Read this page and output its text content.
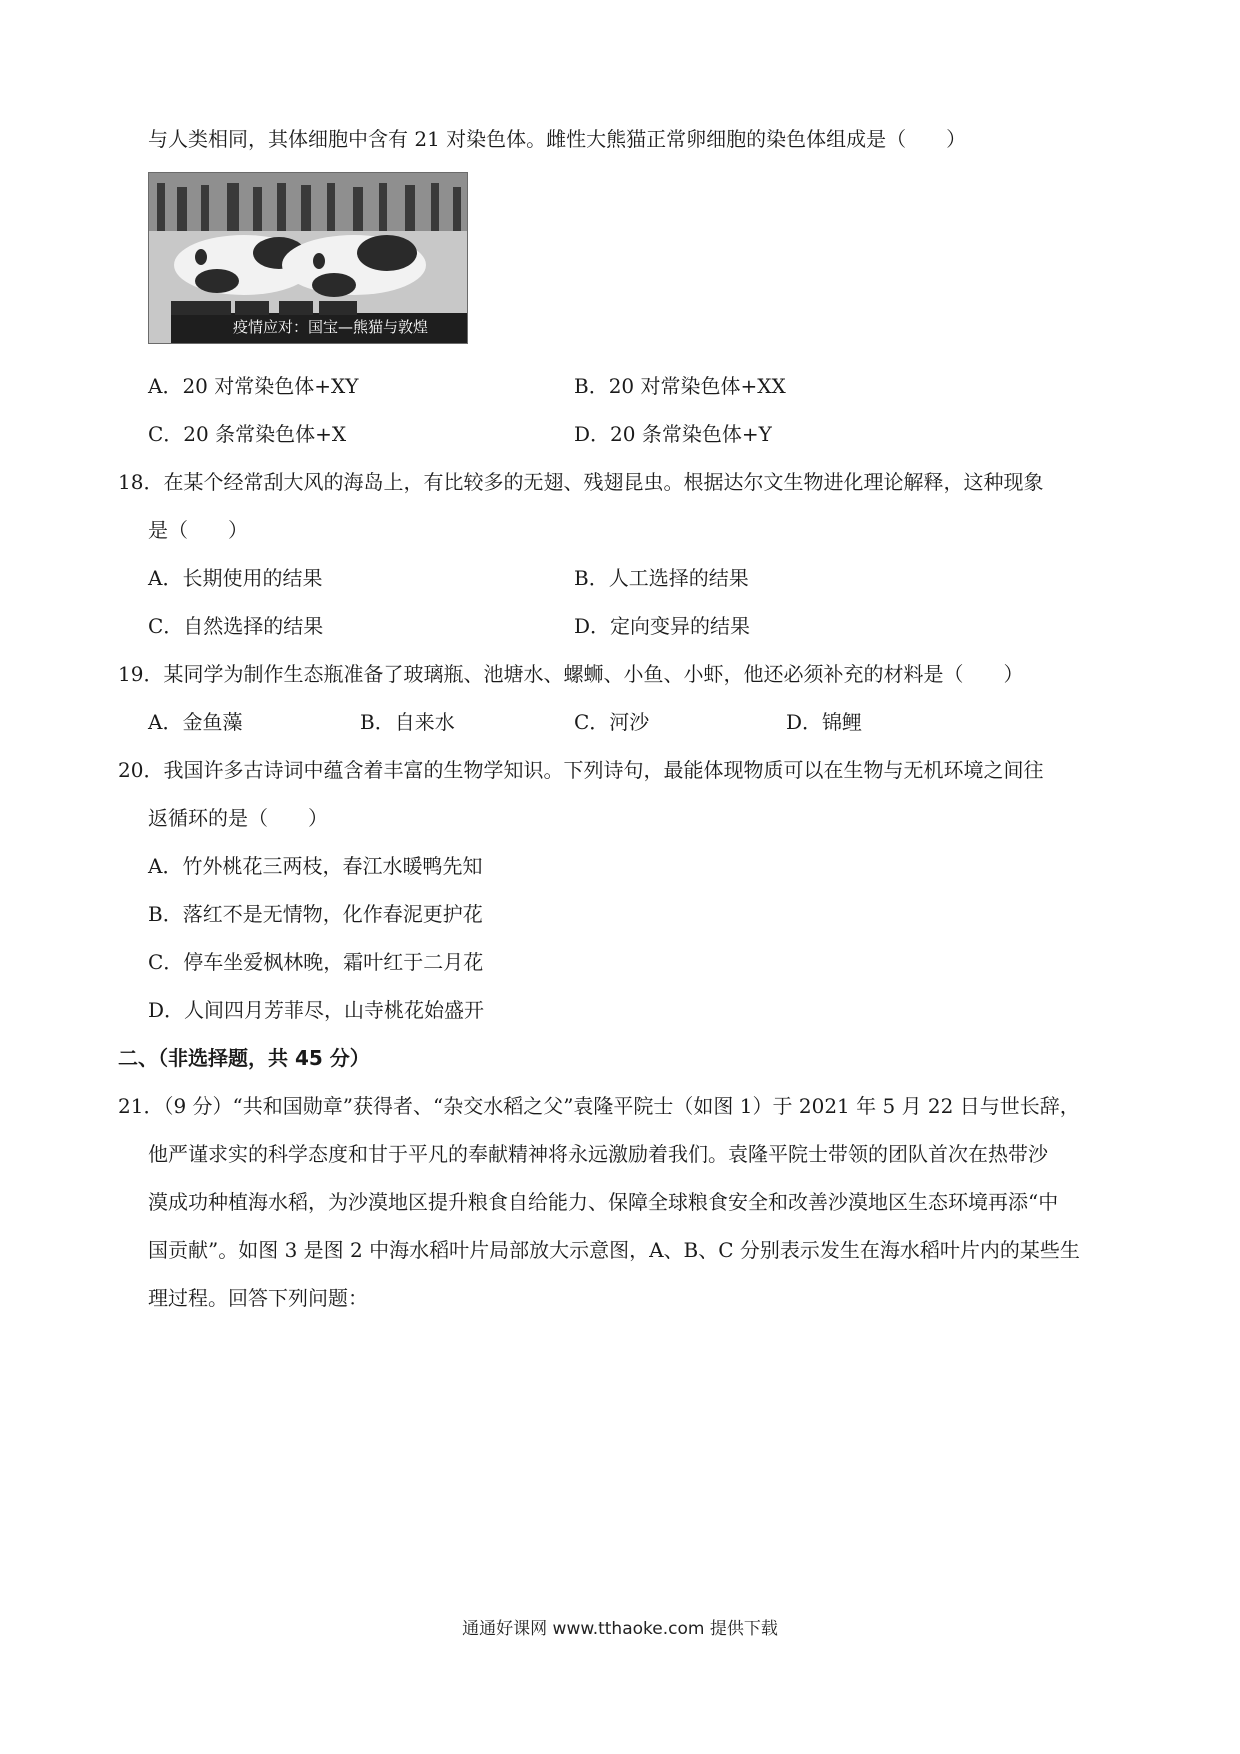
与人类相同，其体细胞中含有 21 对染色体。雌性大熊猫正常卵细胞的染色体组成是（　　）
疫情应对：国宝—熊猫与敦煌
A．20 对常染色体+XY	B．20 对常染色体+XX
C．20 条常染色体+X	D．20 条常染色体+Y
18．在某个经常刮大风的海岛上，有比较多的无翅、残翅昆虫。根据达尔文生物进化理论解释，这种现象
是（　　）
A．长期使用的结果	B．人工选择的结果
C．自然选择的结果	D．定向变异的结果
19．某同学为制作生态瓶准备了玻璃瓶、池塘水、螺蛳、小鱼、小虾，他还必须补充的材料是（　　）
A．金鱼藻	B．自来水	C．河沙	D．锦鲤
20．我国许多古诗词中蕴含着丰富的生物学知识。下列诗句，最能体现物质可以在生物与无机环境之间往
返循环的是（　　）
A．竹外桃花三两枝，春江水暖鸭先知
B．落红不是无情物，化作春泥更护花
C．停车坐爱枫林晚，霜叶红于二月花
D．人间四月芳菲尽，山寺桃花始盛开
二、（非选择题，共 45 分）
21．（9 分）“共和国勋章”获得者、“杂交水稻之父”袁隆平院士（如图 1）于 2021 年 5 月 22 日与世长辞，
他严谨求实的科学态度和甘于平凡的奉献精神将永远激励着我们。袁隆平院士带领的团队首次在热带沙
漠成功种植海水稻，为沙漠地区提升粮食自给能力、保障全球粮食安全和改善沙漠地区生态环境再添“中
国贡献”。如图 3 是图 2 中海水稻叶片局部放大示意图，A、B、C 分别表示发生在海水稻叶片内的某些生
理过程。回答下列问题：
通通好课网 www.tthaoke.com 提供下载
